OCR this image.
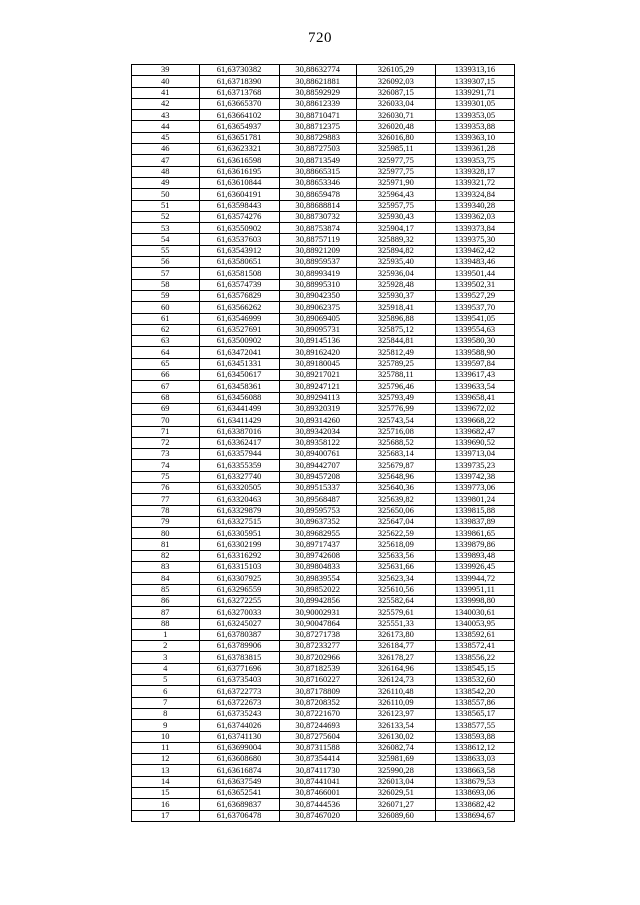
720
39	61,63730382	30,88632774	326105,29	1339313,16
40	61,63718390	30,88621881	326092,03	1339307,15
41	61,63713768	30,88592929	326087,15	1339291,71
42	61,63665370	30,88612339	326033,04	1339301,05
43	61,63664102	30,88710471	326030,71	1339353,05
44	61,63654937	30,88712375	326020,48	1339353,88
45	61,63651781	30,88729883	326016,80	1339363,10
46	61,63623321	30,88727503	325985,11	1339361,28
47	61,63616598	30,88713549	325977,75	1339353,75
48	61,63616195	30,88665315	325977,75	1339328,17
49	61,63610844	30,88653346	325971,90	1339321,72
50	61,63604191	30,88659478	325964,43	1339324,84
51	61,63598443	30,88688814	325957,75	1339340,28
52	61,63574276	30,88730732	325930,43	1339362,03
53	61,63550902	30,88753874	325904,17	1339373,84
54	61,63537603	30,88757119	325889,32	1339375,30
55	61,63543912	30,88921209	325894,82	1339462,42
56	61,63580651	30,88959537	325935,40	1339483,46
57	61,63581508	30,88993419	325936,04	1339501,44
58	61,63574739	30,88995310	325928,48	1339502,31
59	61,63576829	30,89042350	325930,37	1339527,29
60	61,63566262	30,89062375	325918,41	1339537,70
61	61,63546999	30,89069405	325896,88	1339541,05
62	61,63527691	30,89095731	325875,12	1339554,63
63	61,63500902	30,89145136	325844,81	1339580,30
64	61,63472041	30,89162420	325812,49	1339588,90
65	61,63451331	30,89180045	325789,25	1339597,84
66	61,63450617	30,89217021	325788,11	1339617,43
67	61,63458361	30,89247121	325796,46	1339633,54
68	61,63456088	30,89294113	325793,49	1339658,41
69	61,63441499	30,89320319	325776,99	1339672,02
70	61,63411429	30,89314260	325743,54	1339668,22
71	61,63387016	30,89342034	325716,08	1339682,47
72	61,63362417	30,89358122	325688,52	1339690,52
73	61,63357944	30,89400761	325683,14	1339713,04
74	61,63355359	30,89442707	325679,87	1339735,23
75	61,63327740	30,89457208	325648,96	1339742,38
76	61,63320505	30,89515337	325640,36	1339773,06
77	61,63320463	30,89568487	325639,82	1339801,24
78	61,63329879	30,89595753	325650,06	1339815,88
79	61,63327515	30,89637352	325647,04	1339837,89
80	61,63305951	30,89682955	325622,59	1339861,65
81	61,63302199	30,89717437	325618,09	1339879,86
82	61,63316292	30,89742608	325633,56	1339893,48
83	61,63315103	30,89804833	325631,66	1339926,45
84	61,63307925	30,89839554	325623,34	1339944,72
85	61,63296559	30,89852022	325610,56	1339951,11
86	61,63272255	30,89942856	325582,64	1339998,80
87	61,63270033	30,90002931	325579,61	1340030,61
88	61,63245027	30,90047864	325551,33	1340053,95
1	61,63780387	30,87271738	326173,80	1338592,61
2	61,63789906	30,87233277	326184,77	1338572,41
3	61,63783815	30,87202966	326178,27	1338556,22
4	61,63771696	30,87182539	326164,96	1338545,15
5	61,63735403	30,87160227	326124,73	1338532,60
6	61,63722773	30,87178809	326110,48	1338542,20
7	61,63722673	30,87208352	326110,09	1338557,86
8	61,63735243	30,87221670	326123,97	1338565,17
9	61,63744026	30,87244693	326133,54	1338577,55
10	61,63741130	30,87275604	326130,02	1338593,88
11	61,63699004	30,87311588	326082,74	1338612,12
12	61,63608680	30,87354414	325981,69	1338633,03
13	61,63616874	30,87411730	325990,28	1338663,58
14	61,63637549	30,87441041	326013,04	1338679,53
15	61,63652541	30,87466001	326029,51	1338693,06
16	61,63689837	30,87444536	326071,27	1338682,42
17	61,63706478	30,87467020	326089,60	1338694,67
